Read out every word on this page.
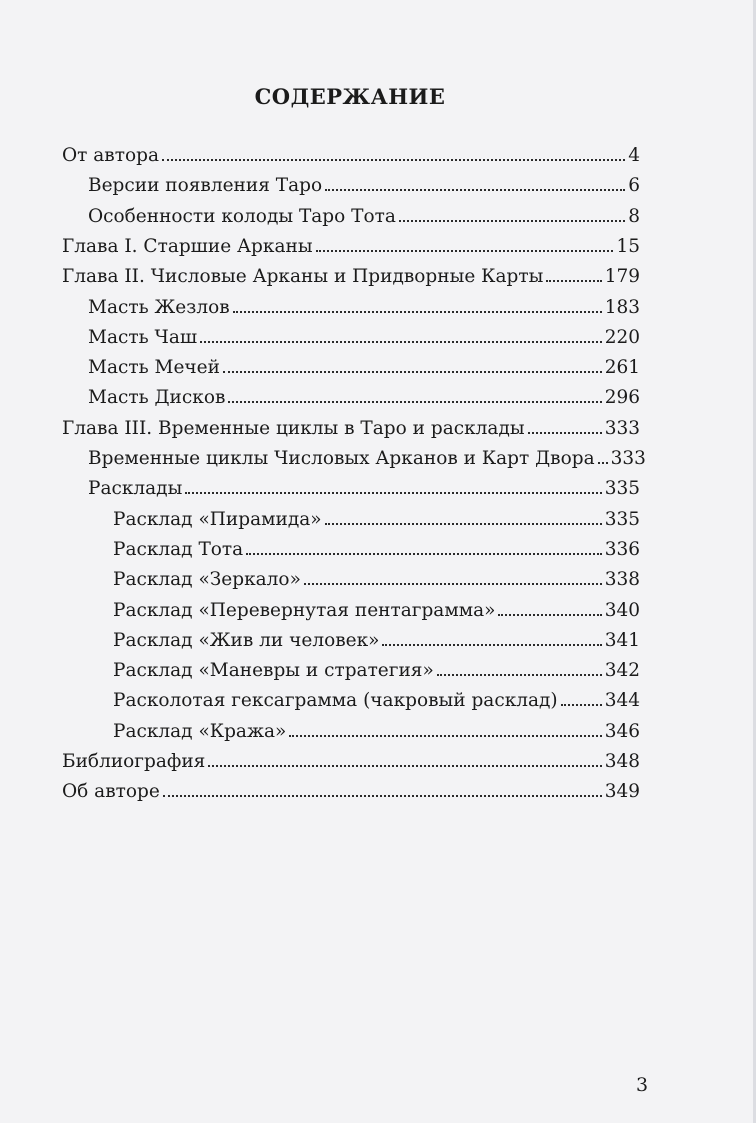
СОДЕРЖАНИЕ
От автора	4
Версии появления Таро	6
Особенности колоды Таро Тота	8
Глава I. Старшие Арканы	15
Глава II. Числовые Арканы и Придворные Карты	179
Масть Жезлов	183
Масть Чаш	220
Масть Мечей	261
Масть Дисков	296
Глава III. Временные циклы в Таро и расклады	333
Временные циклы Числовых Арканов и Карт Двора 333
Расклады	335
Расклад «Пирамида»	335
Расклад Тота	336
Расклад «Зеркало»	338
Расклад «Перевернутая пентаграмма»	340
Расклад «Жив ли человек»	341
Расклад «Маневры и стратегия»	342
Расколотая гексаграмма (чакровый расклад)	344
Расклад «Кража»	346
Библиография	348
Об авторе	349
3
